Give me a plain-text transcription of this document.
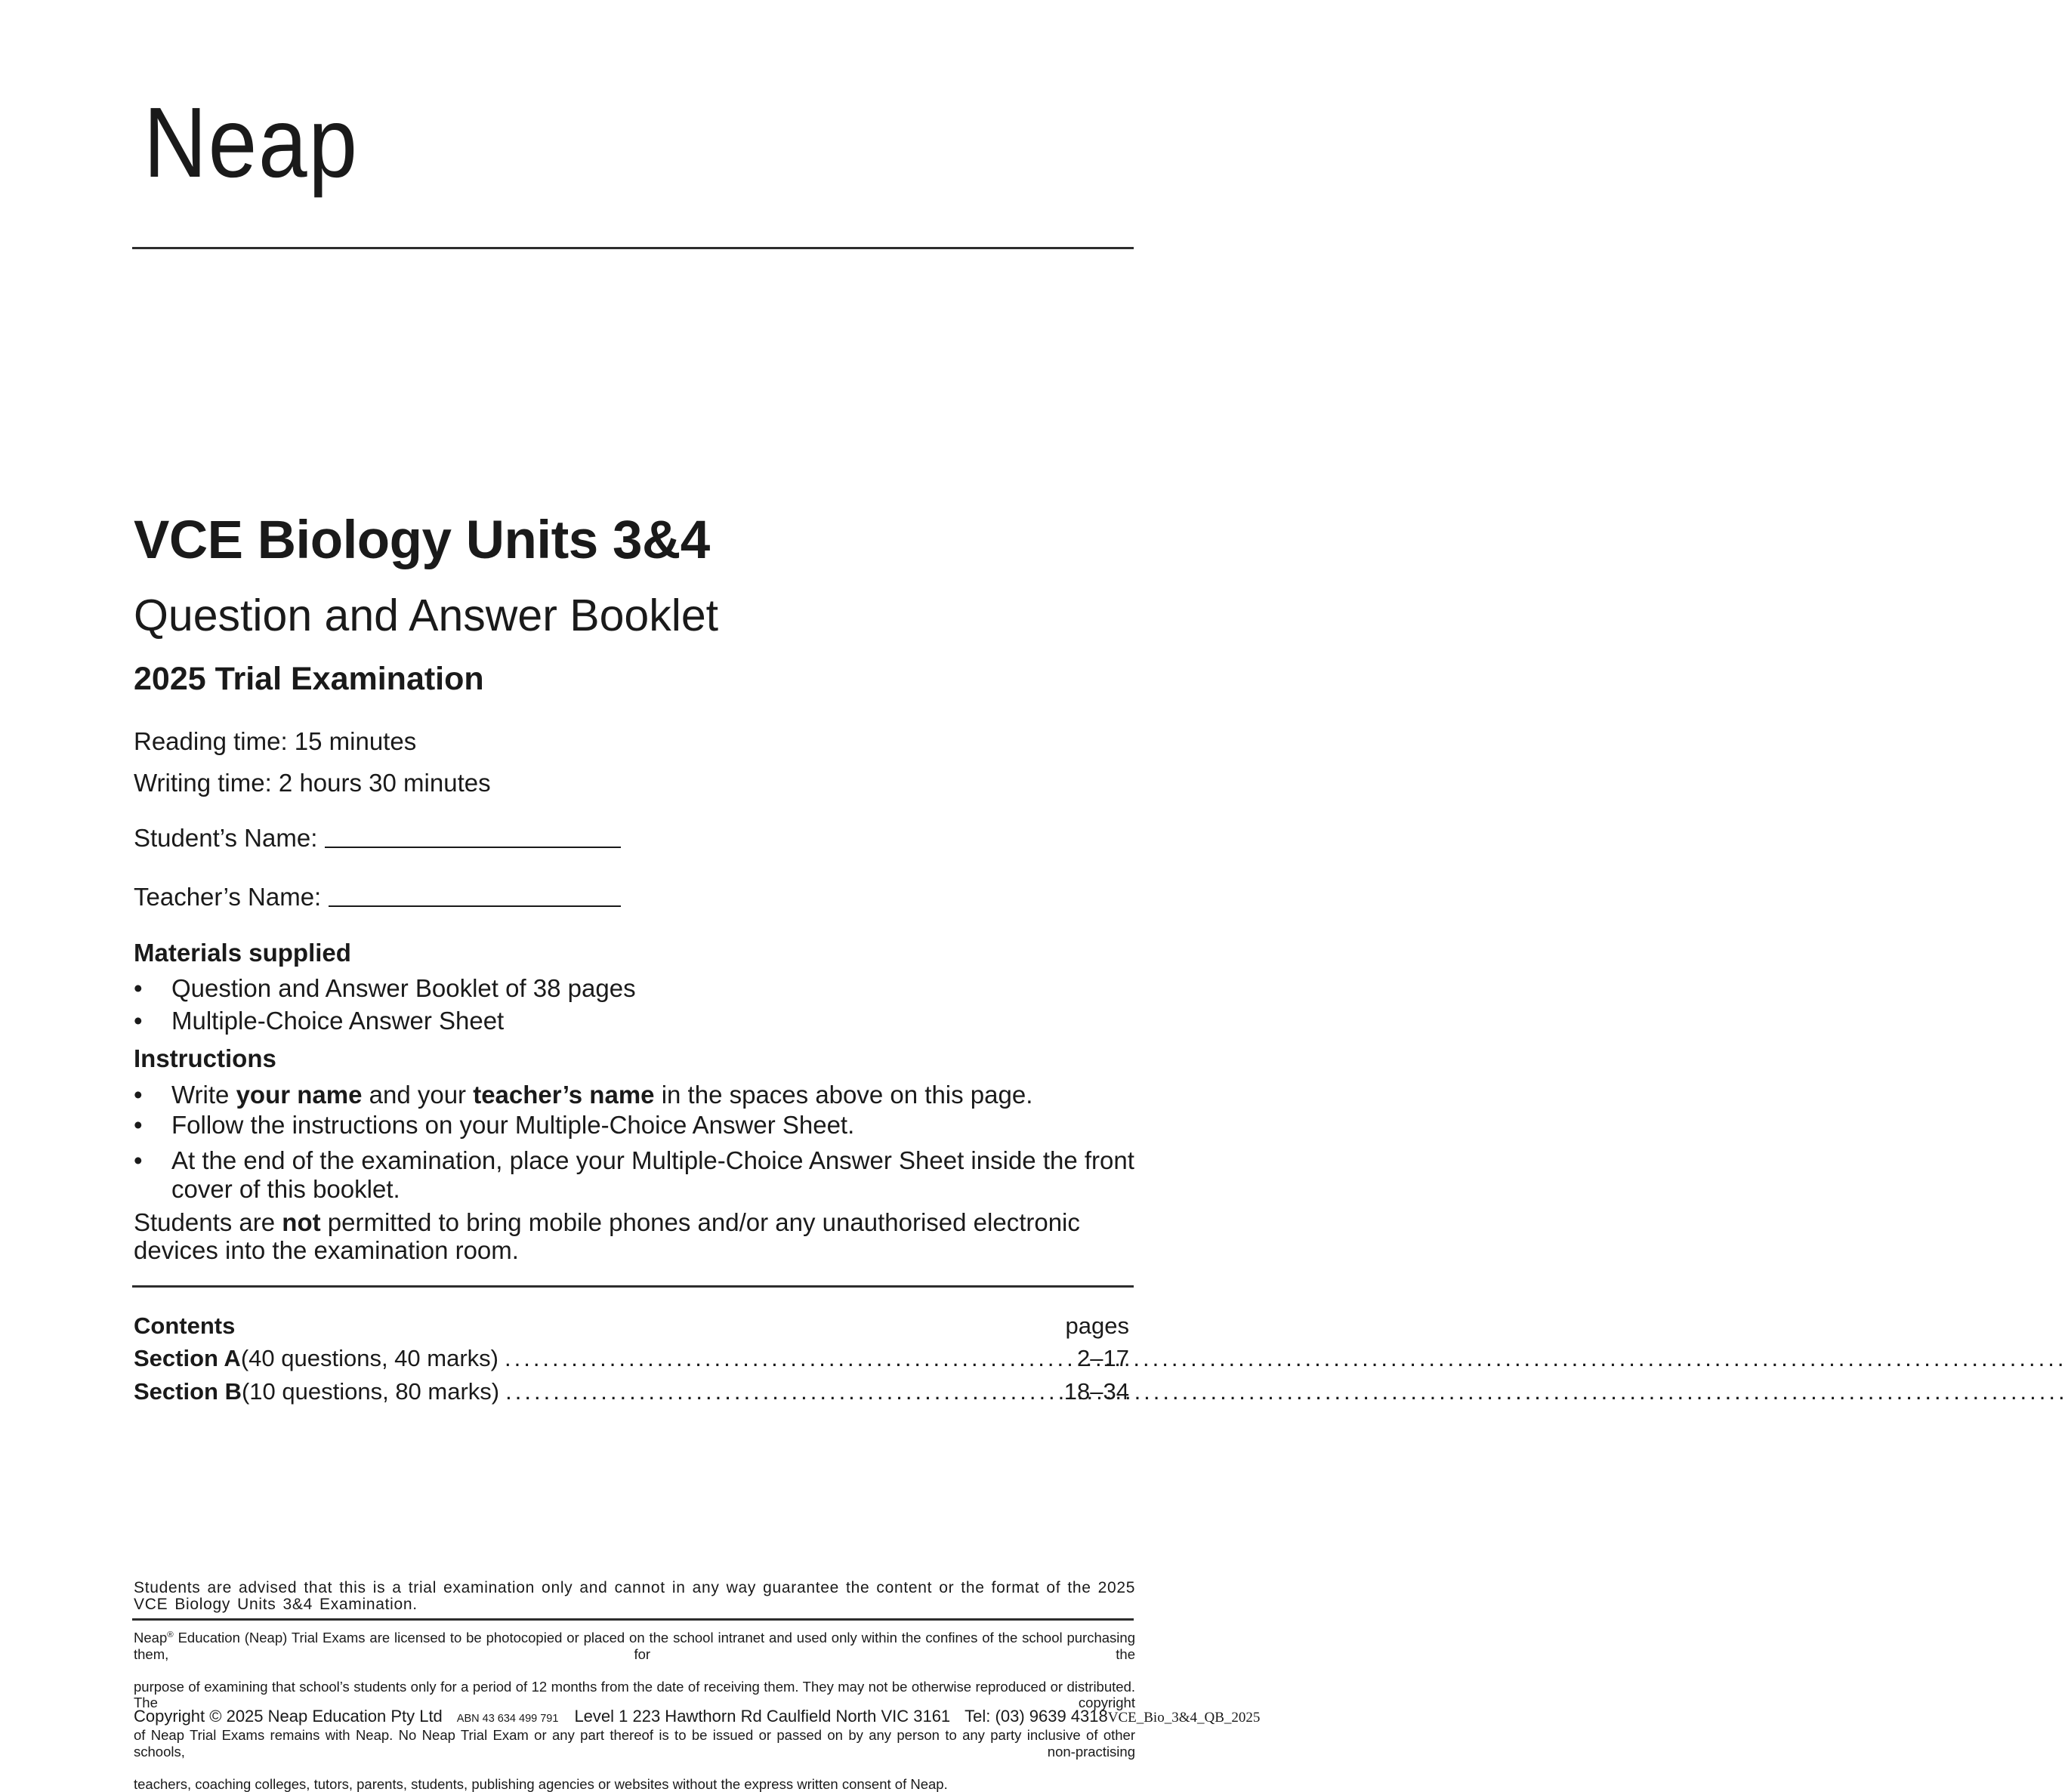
Neap
VCE Biology Units 3&4
Question and Answer Booklet
2025 Trial Examination
Reading time: 15 minutes
Writing time: 2 hours 30 minutes
Student’s Name:
Teacher’s Name:
Materials supplied
• Question and Answer Booklet of 38 pages
• Multiple-Choice Answer Sheet
Instructions
• Write your name and your teacher’s name in the spaces above on this page.
• Follow the instructions on your Multiple-Choice Answer Sheet.
• At the end of the examination, place your Multiple-Choice Answer Sheet inside the front cover of this booklet.
Students are not permitted to bring mobile phones and/or any unauthorised electronic devices into the examination room.
Contents	pages
Section A (40 questions, 40 marks) .....	2–17
Section B (10 questions, 80 marks) .....	18–34
Students are advised that this is a trial examination only and cannot in any way guarantee the content or the format of the 2025
VCE Biology Units 3&4 Examination.
Neap® Education (Neap) Trial Exams are licensed to be photocopied or placed on the school intranet and used only within the confines of the school purchasing them, for the
purpose of examining that school’s students only for a period of 12 months from the date of receiving them. They may not be otherwise reproduced or distributed. The copyright
of Neap Trial Exams remains with Neap. No Neap Trial Exam or any part thereof is to be issued or passed on by any person to any party inclusive of other schools, non-practising
teachers, coaching colleges, tutors, parents, students, publishing agencies or websites without the express written consent of Neap.
Copyright © 2025 Neap Education Pty Ltd ABN 43 634 499 791 Level 1 223 Hawthorn Rd Caulfield North VIC 3161 Tel: (03) 9639 4318 VCE_Bio_3&4_QB_2025
